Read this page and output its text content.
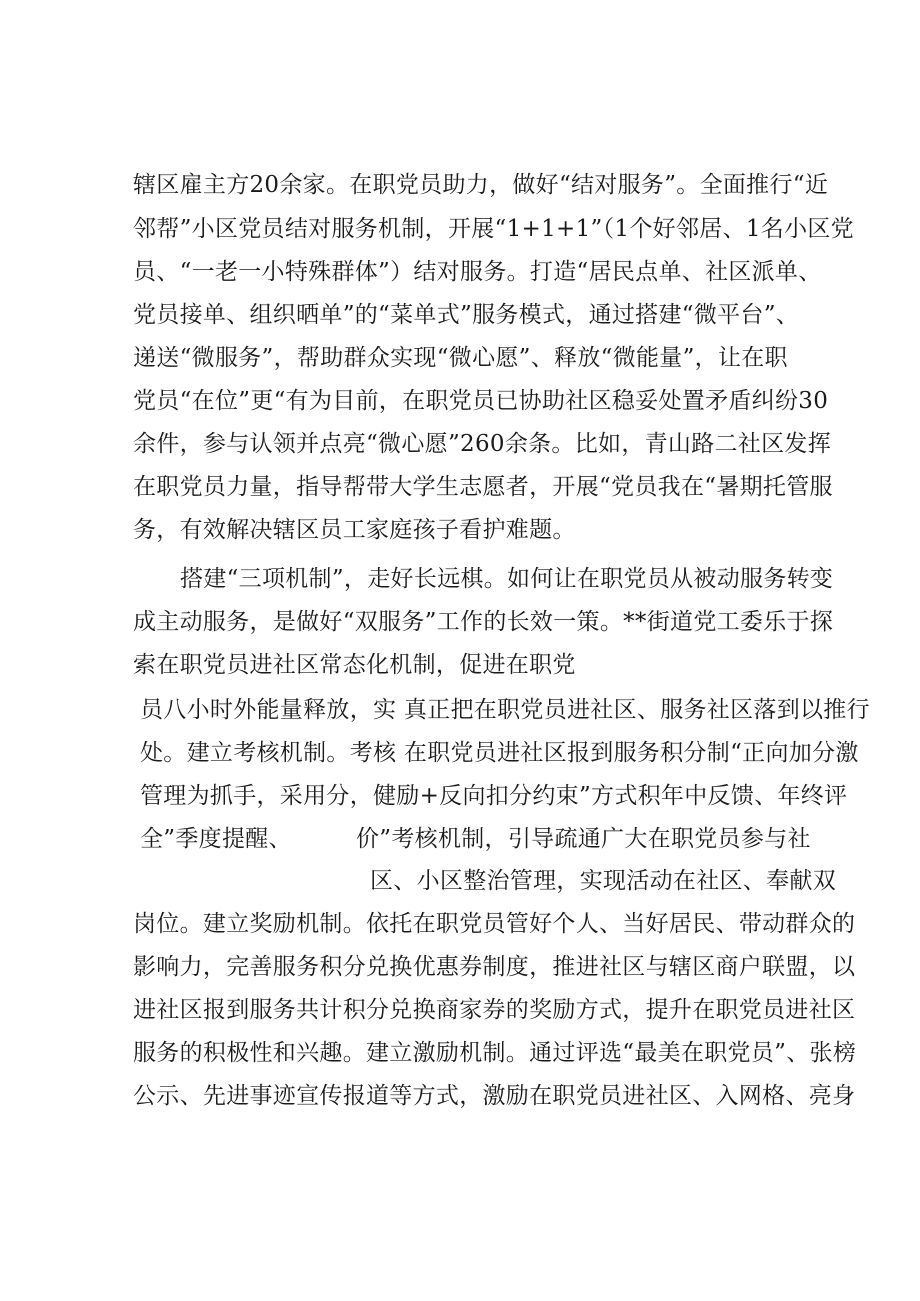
辖区雇主方20余家。在职党员助力，做好“结对服务”。全面推行“近
邻帮”小区党员结对服务机制，开展“1+1+1”（1个好邻居、1名小区党
员、“一老一小特殊群体”）结对服务。打造“居民点单、社区派单、
党员接单、组织晒单”的“菜单式”服务模式，通过搭建“微平台”、
递送“微服务”，帮助群众实现“微心愿”、释放“微能量”，让在职
党员“在位”更“有为目前，在职党员已协助社区稳妥处置矛盾纠纷30
余件，参与认领并点亮“微心愿”260余条。比如，青山路二社区发挥
在职党员力量，指导帮带大学生志愿者，开展“党员我在“暑期托管服
务，有效解决辖区员工家庭孩子看护难题。
搭建“三项机制”，走好长远棋。如何让在职党员从被动服务转变
成主动服务，是做好“双服务”工作的长效一策。**街道党工委乐于探
索在职党员进社区常态化机制，促进在职党
员八小时外能量释放，实 真正把在职党员进社区、服务社区落到以推行
处。建立考核机制。考核 在职党员进社区报到服务积分制“正向加分激
管理为抓手，采用分，健励+反向扣分约束”方式积年中反馈、年终评
全”季度提醒、	价”考核机制，引导疏通广大在职党员参与社
区、小区整治管理，实现活动在社区、奉献双
岗位。建立奖励机制。依托在职党员管好个人、当好居民、带动群众的
影响力，完善服务积分兑换优惠券制度，推进社区与辖区商户联盟，以
进社区报到服务共计积分兑换商家券的奖励方式，提升在职党员进社区
服务的积极性和兴趣。建立激励机制。通过评选“最美在职党员”、张榜
公示、先进事迹宣传报道等方式，激励在职党员进社区、入网格、亮身
